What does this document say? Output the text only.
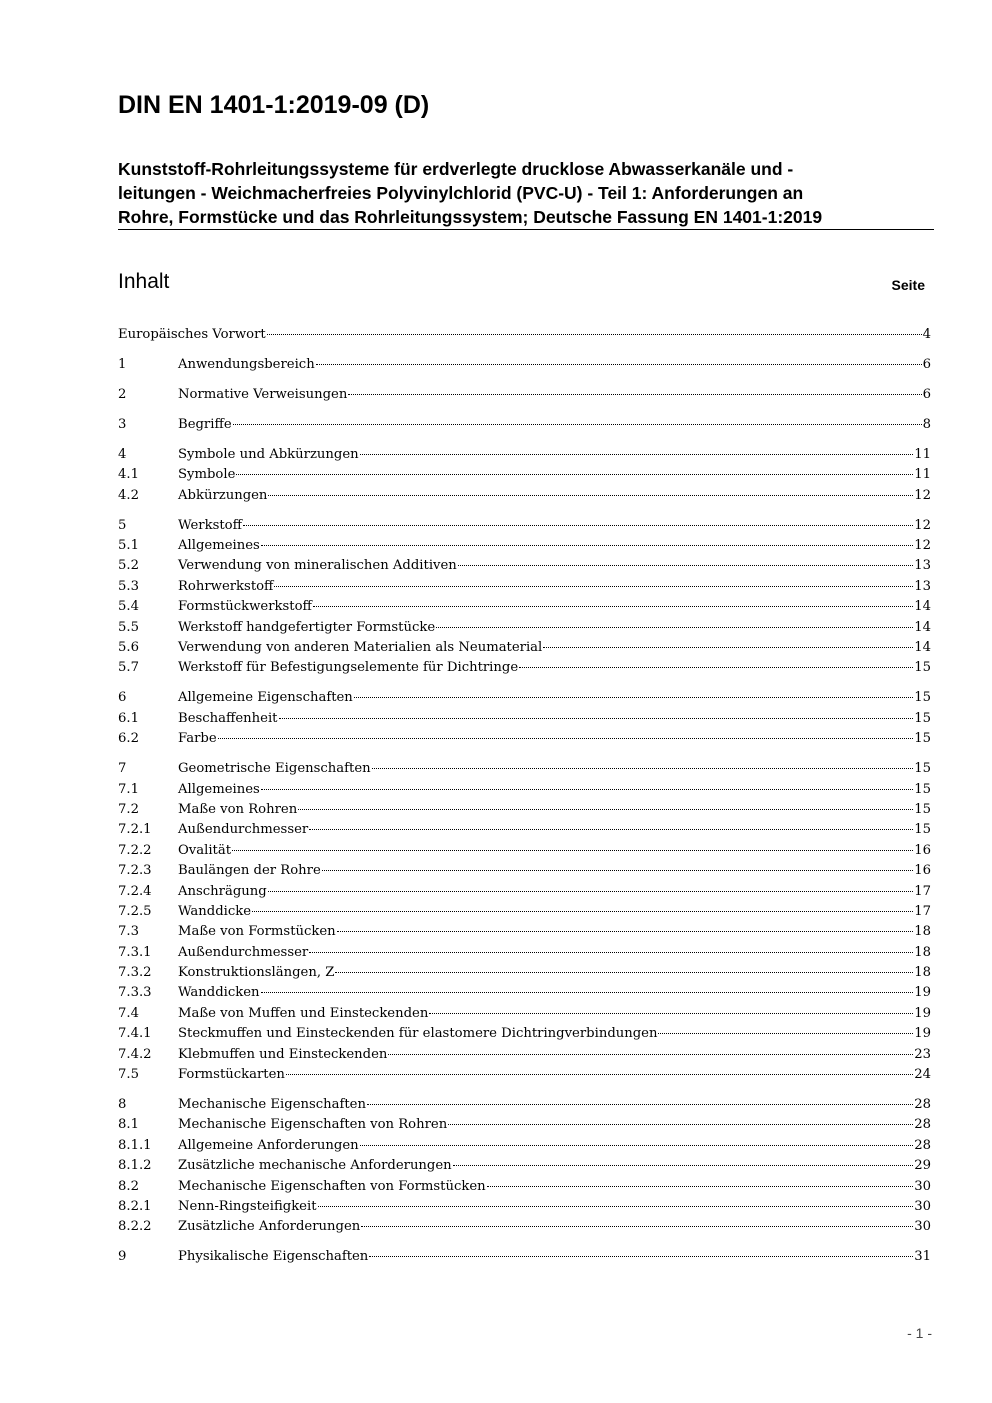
DIN EN 1401-1:2019-09 (D)
Kunststoff-Rohrleitungssysteme für erdverlegte drucklose Abwasserkanäle und -
leitungen - Weichmacherfreies Polyvinylchlorid (PVC-U) - Teil 1: Anforderungen an
Rohre, Formstücke und das Rohrleitungssystem; Deutsche Fassung EN 1401-1:2019
Inhalt	Seite
Europäisches Vorwort	4
1	Anwendungsbereich	6
2	Normative Verweisungen	6
3	Begriffe	8
4	Symbole und Abkürzungen	11
4.1	Symbole	11
4.2	Abkürzungen	12
5	Werkstoff	12
5.1	Allgemeines	12
5.2	Verwendung von mineralischen Additiven	13
5.3	Rohrwerkstoff	13
5.4	Formstückwerkstoff	14
5.5	Werkstoff handgefertigter Formstücke	14
5.6	Verwendung von anderen Materialien als Neumaterial	14
5.7	Werkstoff für Befestigungselemente für Dichtringe	15
6	Allgemeine Eigenschaften	15
6.1	Beschaffenheit	15
6.2	Farbe	15
7	Geometrische Eigenschaften	15
7.1	Allgemeines	15
7.2	Maße von Rohren	15
7.2.1	Außendurchmesser	15
7.2.2	Ovalität	16
7.2.3	Baulängen der Rohre	16
7.2.4	Anschrägung	17
7.2.5	Wanddicke	17
7.3	Maße von Formstücken	18
7.3.1	Außendurchmesser	18
7.3.2	Konstruktionslängen, Z	18
7.3.3	Wanddicken	19
7.4	Maße von Muffen und Einsteckenden	19
7.4.1	Steckmuffen und Einsteckenden für elastomere Dichtringverbindungen	19
7.4.2	Klebmuffen und Einsteckenden	23
7.5	Formstückarten	24
8	Mechanische Eigenschaften	28
8.1	Mechanische Eigenschaften von Rohren	28
8.1.1	Allgemeine Anforderungen	28
8.1.2	Zusätzliche mechanische Anforderungen	29
8.2	Mechanische Eigenschaften von Formstücken	30
8.2.1	Nenn-Ringsteifigkeit	30
8.2.2	Zusätzliche Anforderungen	30
9	Physikalische Eigenschaften	31
- 1 -
